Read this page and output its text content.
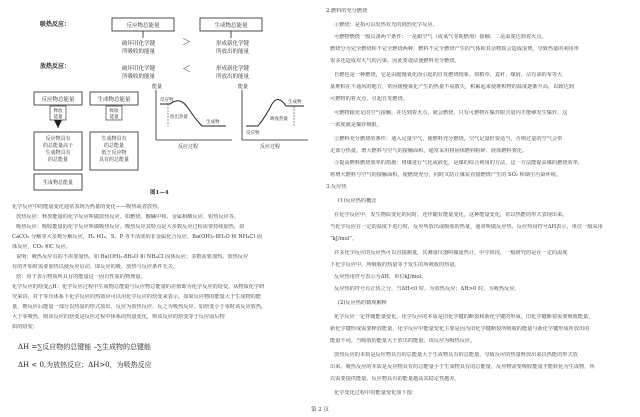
吸热反应：	反应物总能量	生成物总能量
破坏旧化学键
所吸收的能量
形成新化学键
所放出的能量
＞
＜
放热反应：	破坏旧化学键
所吸收的能量
形成新化学键
所放出的能量
反应物总能量	生成物总能量
释放
能量
吸收
能量
能量
反应物
生成物
放出热量
反应过程
能量
反应物
生成物
吸收热量
反应过程
反应物具有
的总能量高于
生成物具有
的总能量
生成物具有
的总能量
低于反应物
具有的总能量
生成物总能量
图1—4
化学反应中的能量变化通常表现为热量的变化——吸热或者放热。
放热反应：释放能量的化学反应叫做放热反应。如燃烧、酸碱中和、金属和酸反应、铝热反应等。
吸热反应：吸收能量的化学反应叫做吸热反应。吸热反应其特点是大多数反应过程需要持续加热，如
CaCO₃ 分解等大多数分解反应，H₂ 和I₂、S、P 等不活泼的非金属化合反应，Ba(OH)₂·8H₂O 和 NH₄Cl 固
体反应，CO₂ 和C 反应。
说明：吸热反应有的不需要加热，如 Ba(OH)₂·8H₂O 和 NH₄Cl 固体反应；多数需要加热。放热反应
有的开始时需要加热以使反应启动。即反应的吸、放热与反应条件无关。
焓：用于表示物质所具有的能量这一固有性质的物理量。
化学反应的焓变△H：化学反应过程中生成物总能量与反应物总能量的差值即为化学反应的焓变。从物质化学研
究来讲，对于等压体系下化学反应的热效应可以用化学反应的焓变来表示，如果反应物的能量大于生成物的能
量，则反应后能量一部分以热量的形式放出，反应为放热反应，反之为吸热反应。如焓变小于零时该反应放热，
大于零吸热，则该反应的焓变是反应过程中体系的热量变化，则该反应的焓变等于反应前后物
质的焓变：
ΔH =∑反应物的总键能 –∑生成物的总键能
ΔH < 0,为放热反应；ΔH>0，为吸热反应
2.燃料的充分燃烧
①燃烧：是指可以发热发光的剧烈化学反应。
可燃物燃烧一般具备两个条件：一是跟空气（或氧气等助燃剂）接触；二是温度达到着火点。
燃烧分为完全燃烧和不完全燃烧两种，燃料不完全燃烧产生的气体和其余物质会造成浪费，导致热量的利用率
很多还造成对大气的污染。因此要设法使燃料充分燃烧。
自燃也是一种燃烧，它是由缓慢氧化而引起的自发燃烧现象。如稻草、麦秆、煤屑、沾有油的布等大
量堆积在不通风的地方，常因缓慢氧化产生的热量不易散失，积累起来使堆积物的温度逐渐升高，以致达到
可燃物的着火点，引起自发燃烧。
可燃物跟充足的空气接触，并达到着火点，就会燃烧。只有可燃物在爆炸限含量内才能够发生爆炸，这
一浓度就是爆炸极限。
②燃料充分燃烧的条件：通入足量空气，使燃料充分燃烧。空气足量但要适当，否则过量的空气会带
走部分热量。增大燃料与空气的接触面积，通常采用将固体燃料粉碎、液体燃料雾化。
③提高燃料燃烧效率的措施：将煤进行气化或液化，是煤的综合利用的方法，这一方法能提高煤的燃烧效率，
将增大燃料与空气的接触面积，使燃烧充分，同时又防止煤炭直接燃烧产生的 SO₂ 和烟尘污染环境。
3.反应热
(1)反应热的概念
在化学反应中，发生物质变化的同时，还伴随有能量变化，这种能量变化，常以热能的形式表现出来。
当化学反应在一定的温度下进行时，反应所放出或吸收的热量，通常叫做反应热。反应热用符号ΔH表示，单位一般采用
“kJ/mol”。
许多化学反应的反应热可以直接测量，其测量仪器叫做量热计。中学阶段，一般研究的是在一定的温度
下化学反应中，所吸收的热量等于发生的所吸收的热量。
反应热用符号表示为ΔH，单位kJ/mol。
反应热的符号有正负之分，当ΔH<0 时，为放热反应；ΔH>0 时，为吸热反应。
(2)反应热的微观解释
化学反应一定伴随能量变化，化学反应的本质是旧化学键的断裂和新化学键的形成。旧化学键断裂需要吸收能量，
新化学键形成需要释放能量，化学反应中能量变化主要是因为旧化学键断裂所吸收的能量与新化学键形成所放出的
能量不同。当吸收的能量大于放出的能量，该反应为吸热反应。
放热反应的本质是反应物具有的总能量大于生成物具有的总能量，导致反应的热量释放出来以热能的形式放
出来。吸热反应的本质是反应物具有的总能量小于生成物具有的总能量，反应物需要吸收能量才能转化为生成物，所
以需要提供能量。反应物具有的能量越高其稳定性越差。
化学变化过程中的能量变化如下图：
第 2 页
